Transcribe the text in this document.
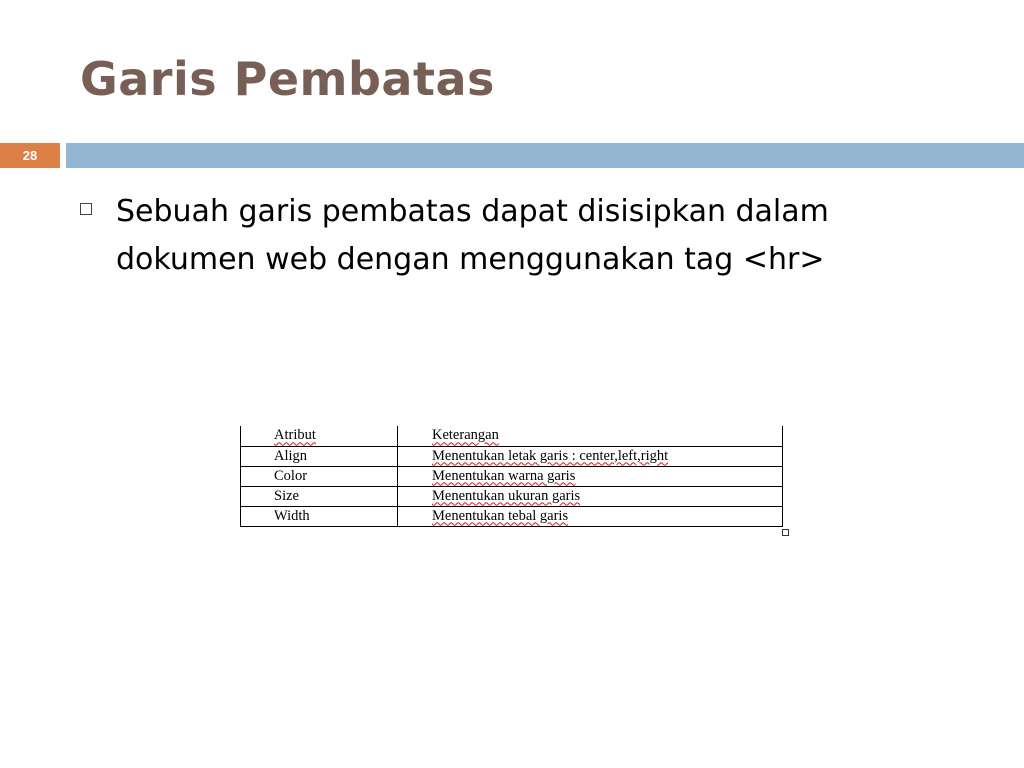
Garis Pembatas
28
Sebuah garis pembatas dapat disisipkan dalam dokumen web dengan menggunakan tag <hr>
Atribut	Keterangan
Align	Menentukan letak garis : center,left,right
Color	Menentukan warna garis
Size	Menentukan ukuran garis
Width	Menentukan tebal garis
